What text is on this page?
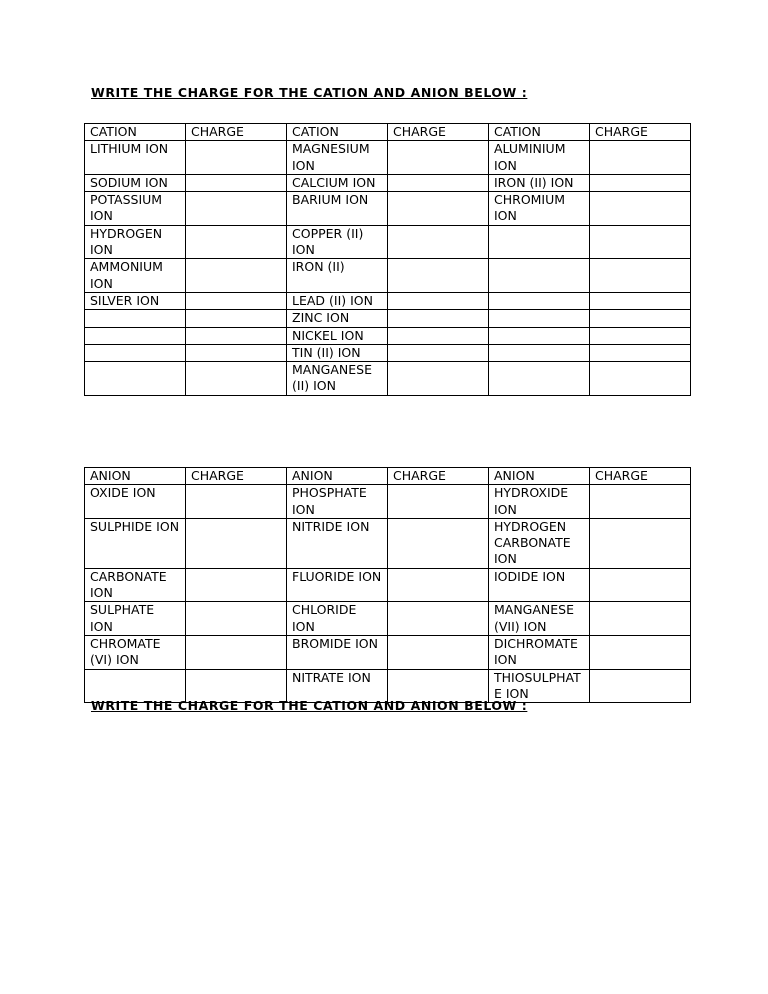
WRITE THE CHARGE FOR THE CATION AND ANION BELOW :
CATION	CHARGE	CATION	CHARGE	CATION	CHARGE
LITHIUM ION		MAGNESIUM ION		ALUMINIUM ION	
SODIUM ION		CALCIUM ION		IRON (II) ION	
POTASSIUM ION		BARIUM ION		CHROMIUM ION	
HYDROGEN ION		COPPER (II) ION			
AMMONIUM ION		IRON (II)			
SILVER ION		LEAD (II) ION			
		ZINC ION			
		NICKEL ION			
		TIN (II) ION			
		MANGANESE (II) ION			
ANION	CHARGE	ANION	CHARGE	ANION	CHARGE
OXIDE ION		PHOSPHATE ION		HYDROXIDE ION	
SULPHIDE ION		NITRIDE ION		HYDROGEN CARBONATE ION	
CARBONATE ION		FLUORIDE ION		IODIDE ION	
SULPHATE ION		CHLORIDE ION		MANGANESE (VII) ION	
CHROMATE (VI) ION		BROMIDE ION		DICHROMATE ION	
		NITRATE ION		THIOSULPHATE ION	
WRITE THE CHARGE FOR THE CATION AND ANION BELOW :
